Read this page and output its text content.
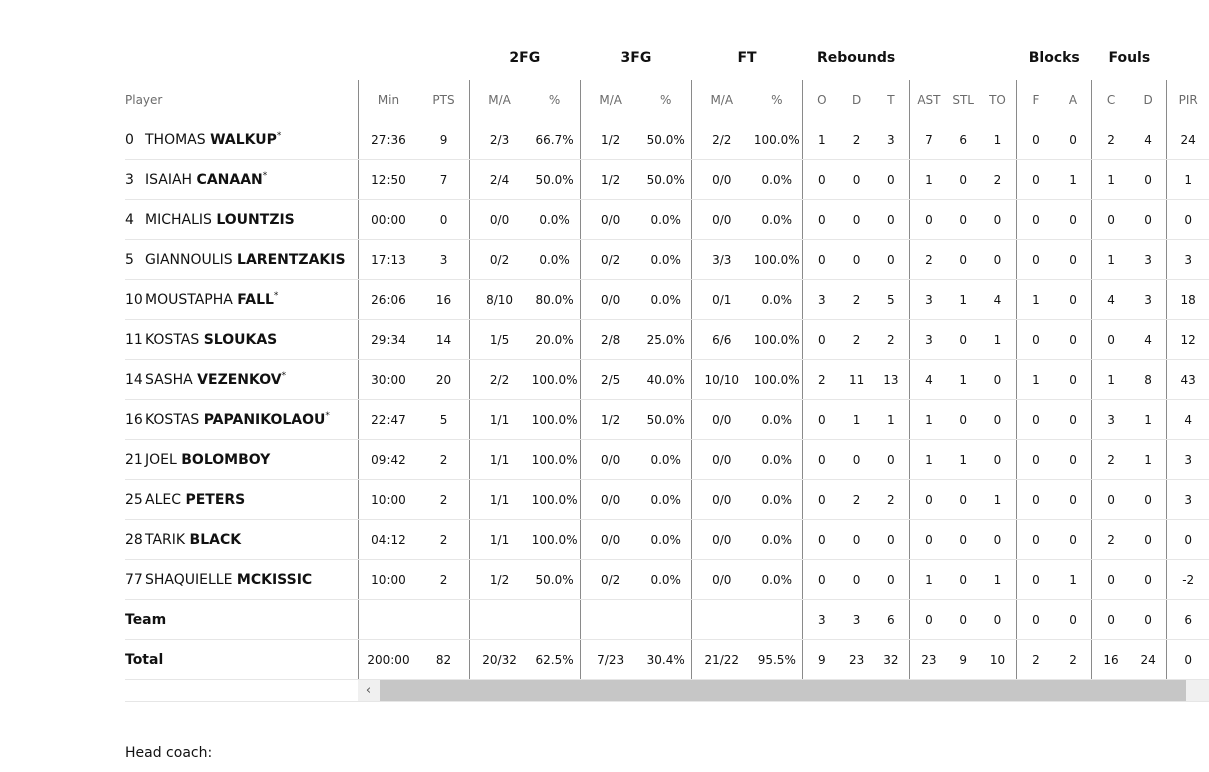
			2FG		3FG		FT		Rebounds						Blocks		Fouls		
Player	Min	PTS	M/A	%	M/A	%	M/A	%	O	D	T	AST	STL	TO	F	A	C	D	PIR
0 THOMAS WALKUP*	27:36	9	2/3	66.7%	1/2	50.0%	2/2	100.0%	1	2	3	7	6	1	0	0	2	4	24
3 ISAIAH CANAAN*	12:50	7	2/4	50.0%	1/2	50.0%	0/0	0.0%	0	0	0	1	0	2	0	1	1	0	1
4 MICHALIS LOUNTZIS	00:00	0	0/0	0.0%	0/0	0.0%	0/0	0.0%	0	0	0	0	0	0	0	0	0	0	0
5 GIANNOULIS LARENTZAKIS	17:13	3	0/2	0.0%	0/2	0.0%	3/3	100.0%	0	0	0	2	0	0	0	0	1	3	3
10 MOUSTAPHA FALL*	26:06	16	8/10	80.0%	0/0	0.0%	0/1	0.0%	3	2	5	3	1	4	1	0	4	3	18
11 KOSTAS SLOUKAS	29:34	14	1/5	20.0%	2/8	25.0%	6/6	100.0%	0	2	2	3	0	1	0	0	0	4	12
14 SASHA VEZENKOV*	30:00	20	2/2	100.0%	2/5	40.0%	10/10	100.0%	2	11	13	4	1	0	1	0	1	8	43
16 KOSTAS PAPANIKOLAOU*	22:47	5	1/1	100.0%	1/2	50.0%	0/0	0.0%	0	1	1	1	0	0	0	0	3	1	4
21 JOEL BOLOMBOY	09:42	2	1/1	100.0%	0/0	0.0%	0/0	0.0%	0	0	0	1	1	0	0	0	2	1	3
25 ALEC PETERS	10:00	2	1/1	100.0%	0/0	0.0%	0/0	0.0%	0	2	2	0	0	1	0	0	0	0	3
28 TARIK BLACK	04:12	2	1/1	100.0%	0/0	0.0%	0/0	0.0%	0	0	0	0	0	0	0	0	2	0	0
77 SHAQUIELLE MCKISSIC	10:00	2	1/2	50.0%	0/2	0.0%	0/0	0.0%	0	0	0	1	0	1	0	1	0	0	-2
Team									3	3	6	0	0	0	0	0	0	0	6
Total	200:00	82	20/32	62.5%	7/23	30.4%	21/22	95.5%	9	23	32	23	9	10	2	2	16	24	0
‹
Head coach:
